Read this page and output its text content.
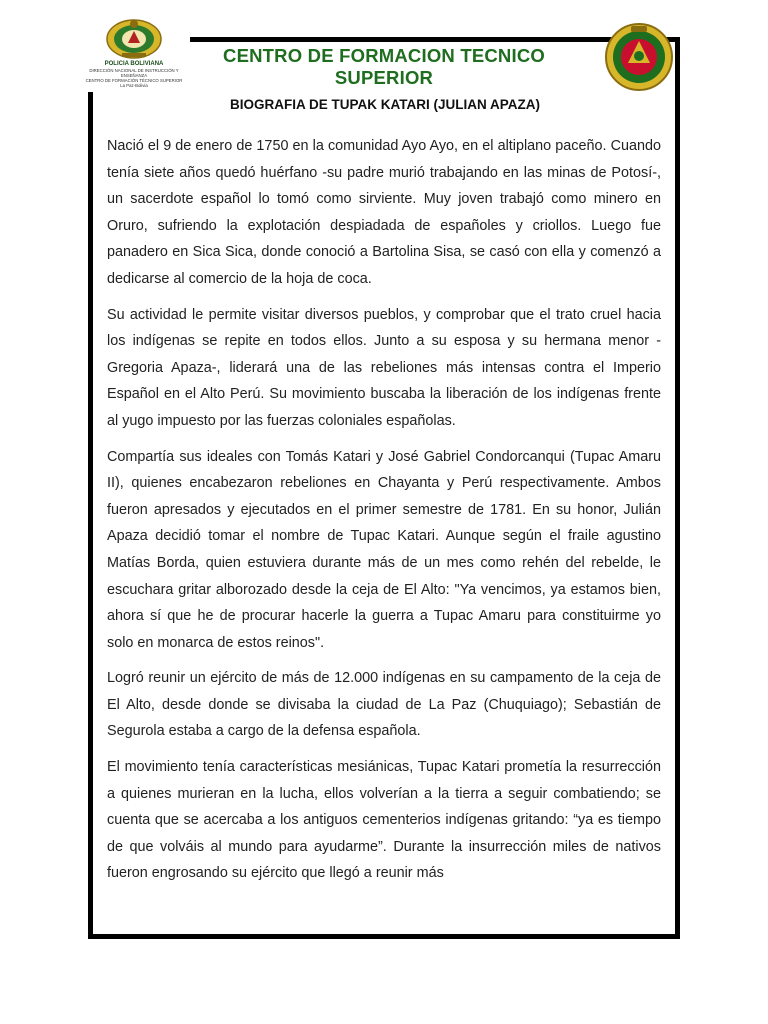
POLICIA BOLIVIANA
DIRECCIÓN NACIONAL DE INSTRUCCIÓN Y ENSEÑANZA
CENTRO DE FORMACIÓN TÉCNICO SUPERIOR
La Paz-Bolivia
CENTRO DE FORMACION TECNICO SUPERIOR
BIOGRAFIA DE TUPAK KATARI (JULIAN APAZA)

Nació el 9 de enero de 1750 en la comunidad Ayo Ayo, en el altiplano paceño. Cuando tenía siete años quedó huérfano -su padre murió trabajando en las minas de Potosí-, un sacerdote español lo tomó como sirviente. Muy joven trabajó como minero en Oruro, sufriendo la explotación despiadada de españoles y criollos. Luego fue panadero en Sica Sica, donde conoció a Bartolina Sisa, se casó con ella y comenzó a dedicarse al comercio de la hoja de coca.

Su actividad le permite visitar diversos pueblos, y comprobar que el trato cruel hacia los indígenas se repite en todos ellos. Junto a su esposa y su hermana menor -Gregoria Apaza-, liderará una de las rebeliones más intensas contra el Imperio Español en el Alto Perú. Su movimiento buscaba la liberación de los indígenas frente al yugo impuesto por las fuerzas coloniales españolas.

Compartía sus ideales con Tomás Katari y José Gabriel Condorcanqui (Tupac Amaru II), quienes encabezaron rebeliones en Chayanta y Perú respectivamente. Ambos fueron apresados y ejecutados en el primer semestre de 1781. En su honor, Julián Apaza decidió tomar el nombre de Tupac Katari. Aunque según el fraile agustino Matías Borda, quien estuviera durante más de un mes como rehén del rebelde, le escuchara gritar alborozado desde la ceja de El Alto: "Ya vencimos, ya estamos bien, ahora sí que he de procurar hacerle la guerra a Tupac Amaru para constituirme yo solo en monarca de estos reinos".

Logró reunir un ejército de más de 12.000 indígenas en su campamento de la ceja de El Alto, desde donde se divisaba la ciudad de La Paz (Chuquiago); Sebastián de Segurola estaba a cargo de la defensa española.

El movimiento tenía características mesiánicas, Tupac Katari prometía la resurrección a quienes murieran en la lucha, ellos volverían a la tierra a seguir combatiendo; se cuenta que se acercaba a los antiguos cementerios indígenas gritando: “ya es tiempo de que volváis al mundo para ayudarme”. Durante la insurrección miles de nativos fueron engrosando su ejército que llegó a reunir más
